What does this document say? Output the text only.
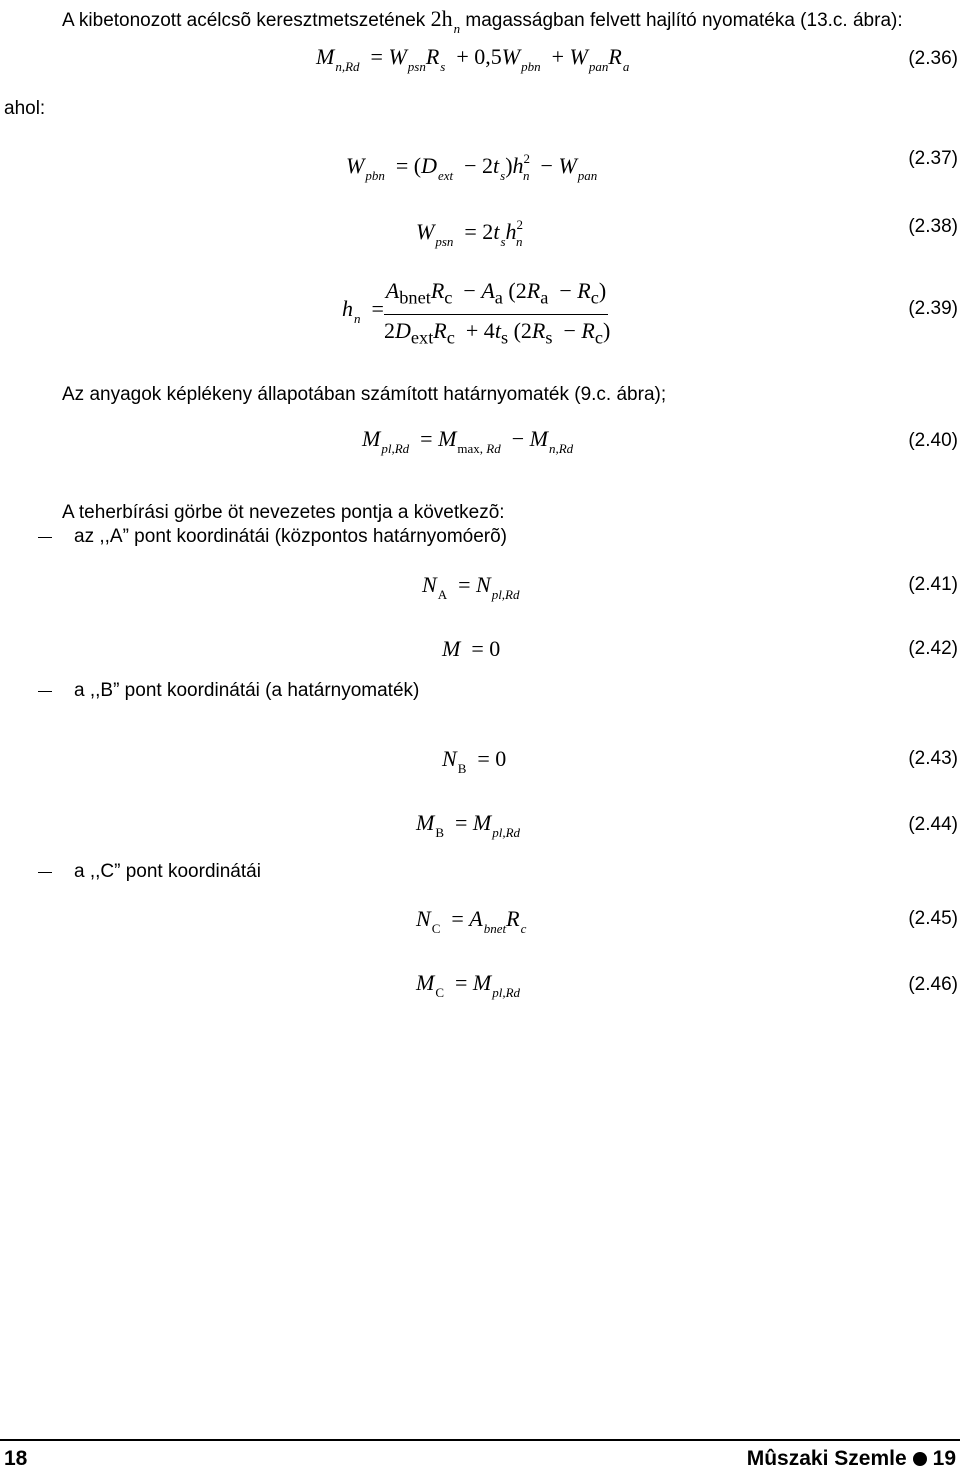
A kibetonozott acélcsõ keresztmetszetének $2h_n$ magasságban felvett hajlító nyomatéka (13.c. ábra):
$M_{n,Rd} = W_{psn}R_s + 0,5W_{pbn} + W_{pan}R_a$	(2.36)
ahol:
$W_{pbn} = (D_{ext} - 2t_s)h^2_n - W_{pan}$
(2.37)
$W_{psn} = 2t_sh^2_n$
(2.38)
$h_n$  =
$A_{bnet}R_c - A_a$ $(2R_a - R_c)$
$2D_{ext}R_c + 4t_s$ $(2R_s - R_c)$
(2.39)
Az anyagok képlékeny állapotában számított határnyomaték (9.c. ábra);
$M_{pl,Rd} = M_{max, Rd} - M_{n,Rd}$	(2.40)
A teherbírási görbe öt nevezetes pontja a következõ:
az ,,A” pont koordinátái (központos határnyomóerõ)
$N_A = N_{pl,Rd}$	(2.41)
M  = 0	(2.42)
a ,,B” pont koordinátái (a határnyomaték)
$N_B = 0$	(2.43)
$M_B = M_{pl,Rd}$	(2.44)
a ,,C” pont koordinátái
$N_C = A_{bnet}R_c$	(2.45)
$M_C = M_{pl,Rd}$	(2.46)
18	Mûszaki Szemle 19
